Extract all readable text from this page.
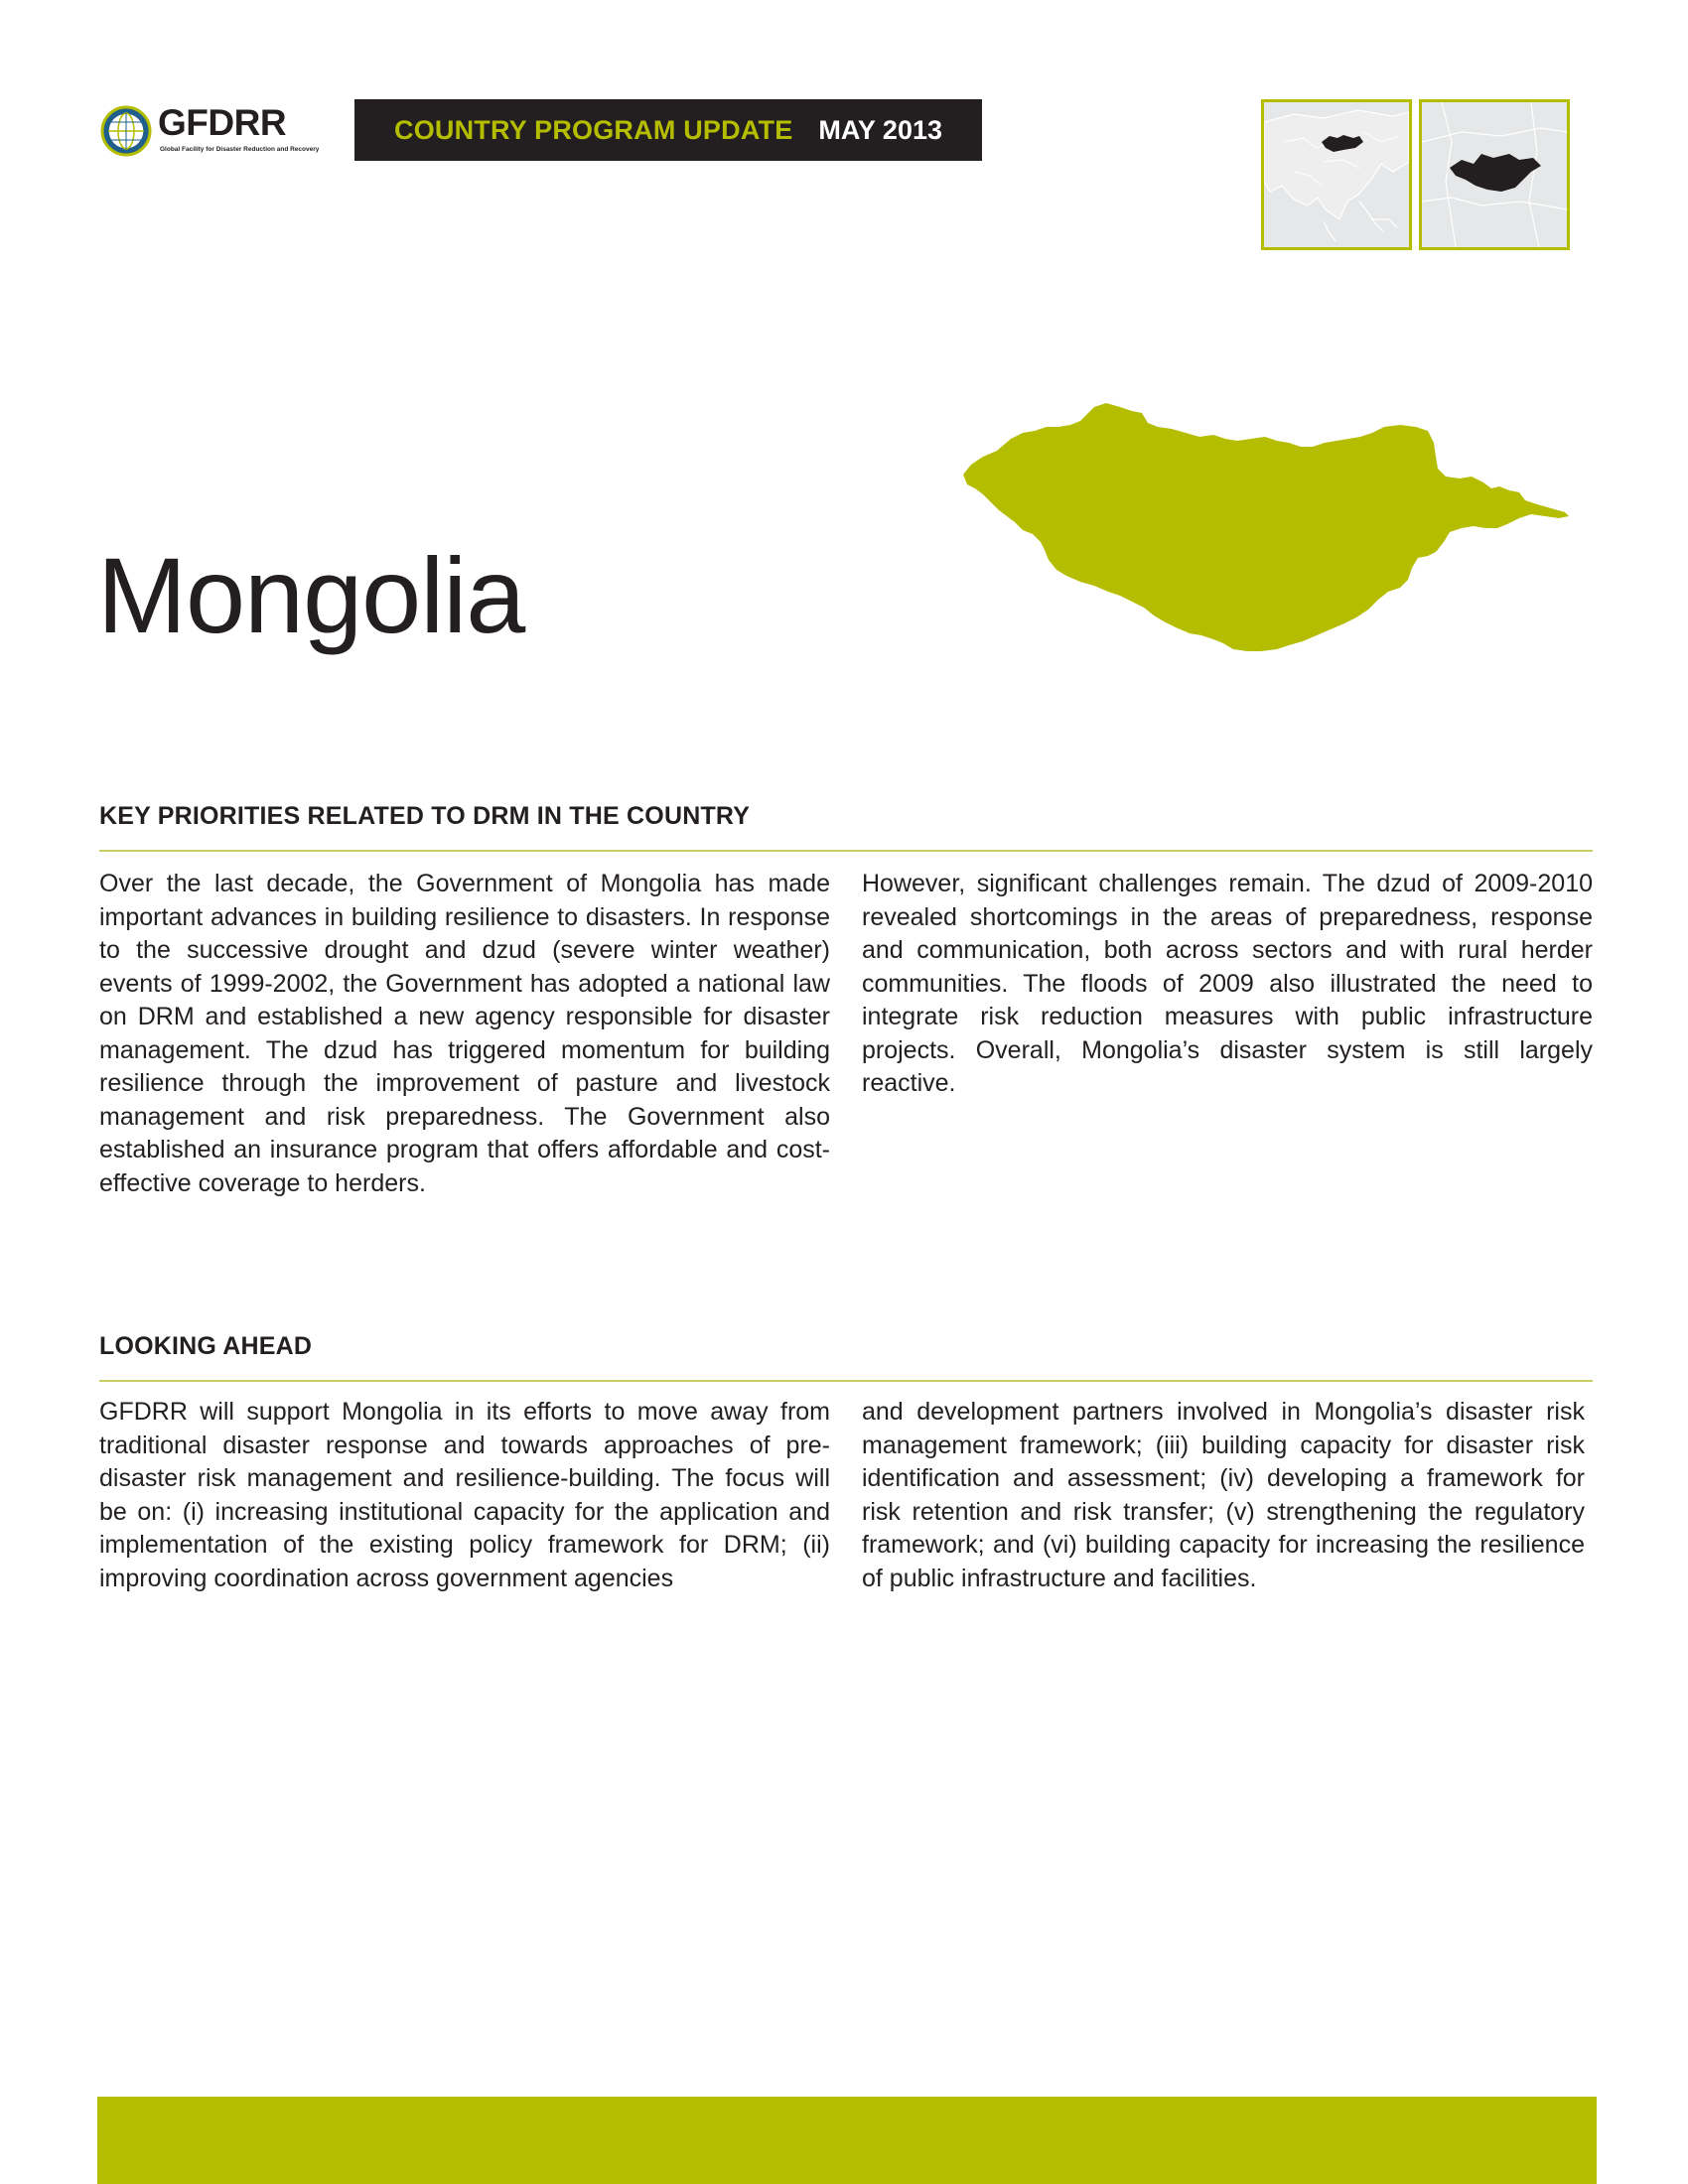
GFDRR
Global Facility for Disaster Reduction and Recovery
COUNTRY PROGRAM UPDATE MAY 2013
Mongolia
KEY PRIORITIES RELATED TO DRM IN THE COUNTRY

Over the last decade, the Government of Mongolia has made important advances in building resilience to disasters. In response to the successive drought and dzud (severe winter weather) events of 1999-2002, the Government has adopted a national law on DRM and established a new agency responsible for disaster management. The dzud has triggered momentum for building resilience through the improvement of pasture and livestock management and risk preparedness. The Government also established an insurance program that offers affordable and cost-effective coverage to herders.

However, significant challenges remain. The dzud of 2009-2010 revealed shortcomings in the areas of preparedness, response and communication, both across sectors and with rural herder communities. The floods of 2009 also illustrated the need to integrate risk reduction measures with public infrastructure projects. Overall, Mongolia’s disaster system is still largely reactive.

LOOKING AHEAD

GFDRR will support Mongolia in its efforts to move away from traditional disaster response and towards approaches of pre-disaster risk management and resilience-building. The focus will be on: (i) increasing institutional capacity for the application and implementation of the existing policy framework for DRM; (ii) improving coordination across government agencies

and development partners involved in Mongolia’s disaster risk management framework; (iii) building capacity for disaster risk identification and assessment; (iv) developing a framework for risk retention and risk transfer; (v) strengthening the regulatory framework; and (vi) building capacity for increasing the resilience of public infrastructure and facilities.
